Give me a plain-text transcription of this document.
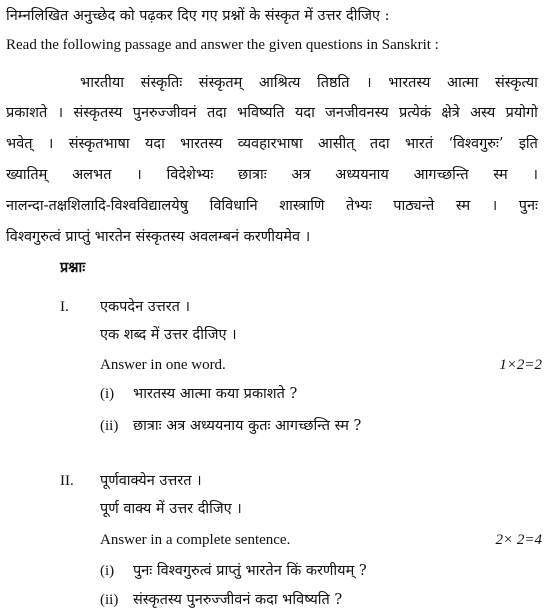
निम्नलिखित अनुच्छेद को पढ़कर दिए गए प्रश्नों के संस्कृत में उत्तर दीजिए :
Read the following passage and answer the given questions in Sanskrit :
भारतीया संस्कृतिः संस्कृतम् आश्रित्य तिष्ठति । भारतस्य आत्मा संस्कृत्या
प्रकाशते । संस्कृतस्य पुनरुज्जीवनं तदा भविष्यति यदा जनजीवनस्य प्रत्येकं क्षेत्रे अस्य प्रयोगो
भवेत् । संस्कृतभाषा यदा भारतस्य व्यवहारभाषा आसीत् तदा भारतं ‘विश्वगुरुः’ इति
ख्यातिम् अलभत । विदेशेभ्यः छात्राः अत्र अध्ययनाय आगच्छन्ति स्म ।
नालन्दा-तक्षशिलादि-विश्वविद्यालयेषु विविधानि शास्त्राणि तेभ्यः पाठ्यन्ते स्म । पुनः
विश्वगुरुत्वं प्राप्तुं भारतेन संस्कृतस्य अवलम्बनं करणीयमेव ।
प्रश्नाः
I. एकपदेन उत्तरत ।
एक शब्द में उत्तर दीजिए ।
Answer in one word.	1×2=2
(i) भारतस्य आत्मा कया प्रकाशते ?
(ii) छात्राः अत्र अध्ययनाय कुतः आगच्छन्ति स्म ?
II. पूर्णवाक्येन उत्तरत ।
पूर्ण वाक्य में उत्तर दीजिए ।
Answer in a complete sentence.	2× 2=4
(i) पुनः विश्वगुरुत्वं प्राप्तुं भारतेन किं करणीयम् ?
(ii) संस्कृतस्य पुनरुज्जीवनं कदा भविष्यति ?
